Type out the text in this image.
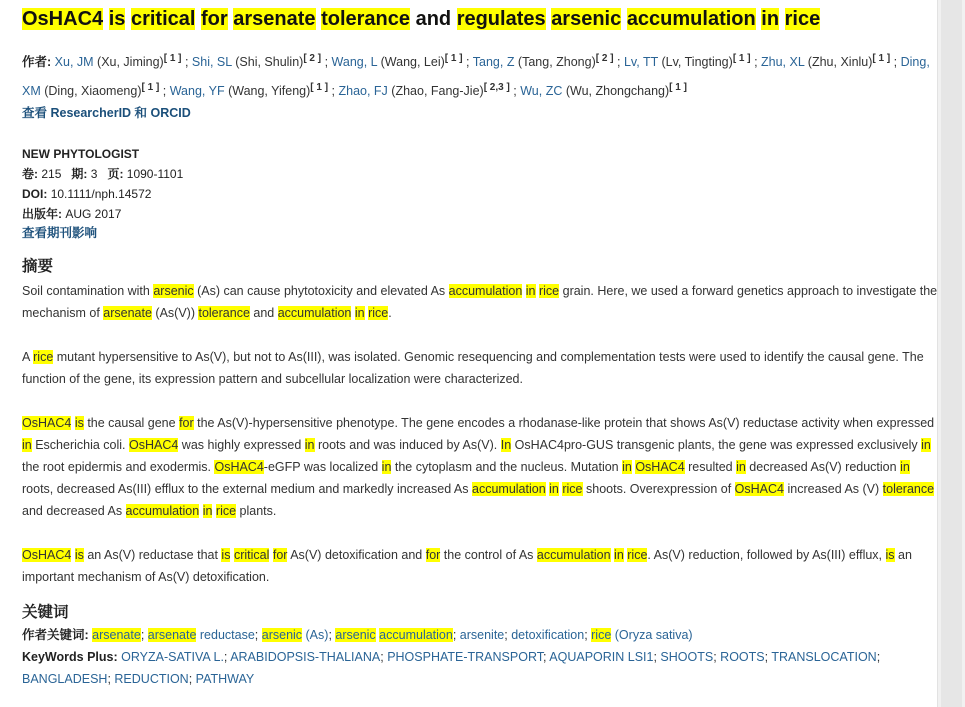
OsHAC4 is critical for arsenate tolerance and regulates arsenic accumulation in rice
作者: Xu, JM (Xu, Jiming)[ 1 ] ; Shi, SL (Shi, Shulin)[ 2 ] ; Wang, L (Wang, Lei)[ 1 ] ; Tang, Z (Tang, Zhong)[ 2 ] ; Lv, TT (Lv, Tingting)[ 1 ] ; Zhu, XL (Zhu, Xinlu)[ 1 ] ; Ding, XM (Ding, Xiaomeng)[ 1 ] ; Wang, YF (Wang, Yifeng)[ 1 ] ; Zhao, FJ (Zhao, Fang-Jie)[ 2,3 ] ; Wu, ZC (Wu, Zhongchang)[ 1 ]
查看 ResearcherID 和 ORCID
NEW PHYTOLOGIST
卷: 215 期: 3 页: 1090-1101
DOI: 10.1111/nph.14572
出版年: AUG 2017
查看期刊影响
摘要

Soil contamination with arsenic (As) can cause phytotoxicity and elevated As accumulation in rice grain. Here, we used a forward genetics approach to investigate the mechanism of arsenate (As(V)) tolerance and accumulation in rice.

A rice mutant hypersensitive to As(V), but not to As(III), was isolated. Genomic resequencing and complementation tests were used to identify the causal gene. The function of the gene, its expression pattern and subcellular localization were characterized.

OsHAC4 is the causal gene for the As(V)-hypersensitive phenotype. The gene encodes a rhodanase-like protein that shows As(V) reductase activity when expressed in Escherichia coli. OsHAC4 was highly expressed in roots and was induced by As(V). In OsHAC4pro-GUS transgenic plants, the gene was expressed exclusively in the root epidermis and exodermis. OsHAC4-eGFP was localized in the cytoplasm and the nucleus. Mutation in OsHAC4 resulted in decreased As(V) reduction in roots, decreased As(III) efflux to the external medium and markedly increased As accumulation in rice shoots. Overexpression of OsHAC4 increased As (V) tolerance and decreased As accumulation in rice plants.

OsHAC4 is an As(V) reductase that is critical for As(V) detoxification and for the control of As accumulation in rice. As(V) reduction, followed by As(III) efflux, is an important mechanism of As(V) detoxification.

关键词
作者关键词: arsenate; arsenate reductase; arsenic (As); arsenic accumulation; arsenite; detoxification; rice (Oryza sativa)
KeyWords Plus: ORYZA-SATIVA L.; ARABIDOPSIS-THALIANA; PHOSPHATE-TRANSPORT; AQUAPORIN LSI1; SHOOTS; ROOTS; TRANSLOCATION; BANGLADESH; REDUCTION; PATHWAY
